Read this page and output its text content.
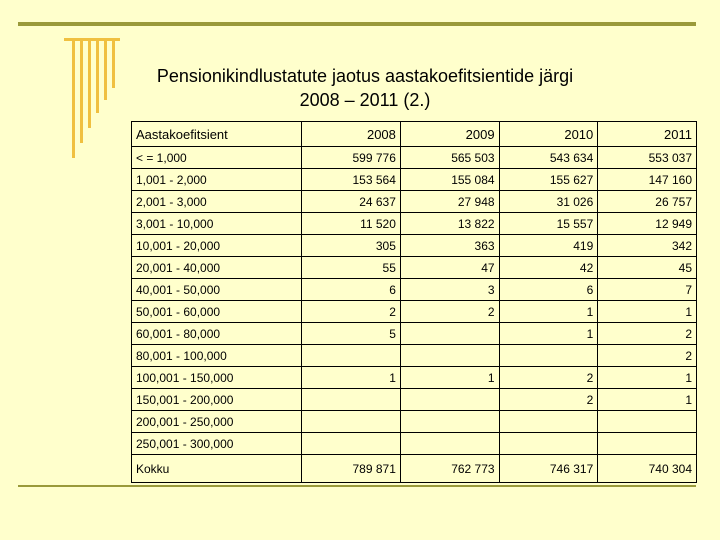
Pensionikindlustatute jaotus aastakoefitsientide järgi
2008 – 2011 (2.)
Aastakoefitsient	2008	2009	2010	2011
< = 1,000	599 776	565 503	543 634	553 037
1,001 - 2,000	153 564	155 084	155 627	147 160
2,001 - 3,000	24 637	27 948	31 026	26 757
3,001 - 10,000	11 520	13 822	15 557	12 949
10,001 - 20,000	305	363	419	342
20,001 - 40,000	55	47	42	45
40,001 - 50,000	6	3	6	7
50,001 - 60,000	2	2	1	1
60,001 - 80,000	5		1	2
80,001 - 100,000				2
100,001 - 150,000	1	1	2	1
150,001 - 200,000			2	1
200,001 - 250,000				
250,001 - 300,000				
Kokku	789 871	762 773	746 317	740 304
